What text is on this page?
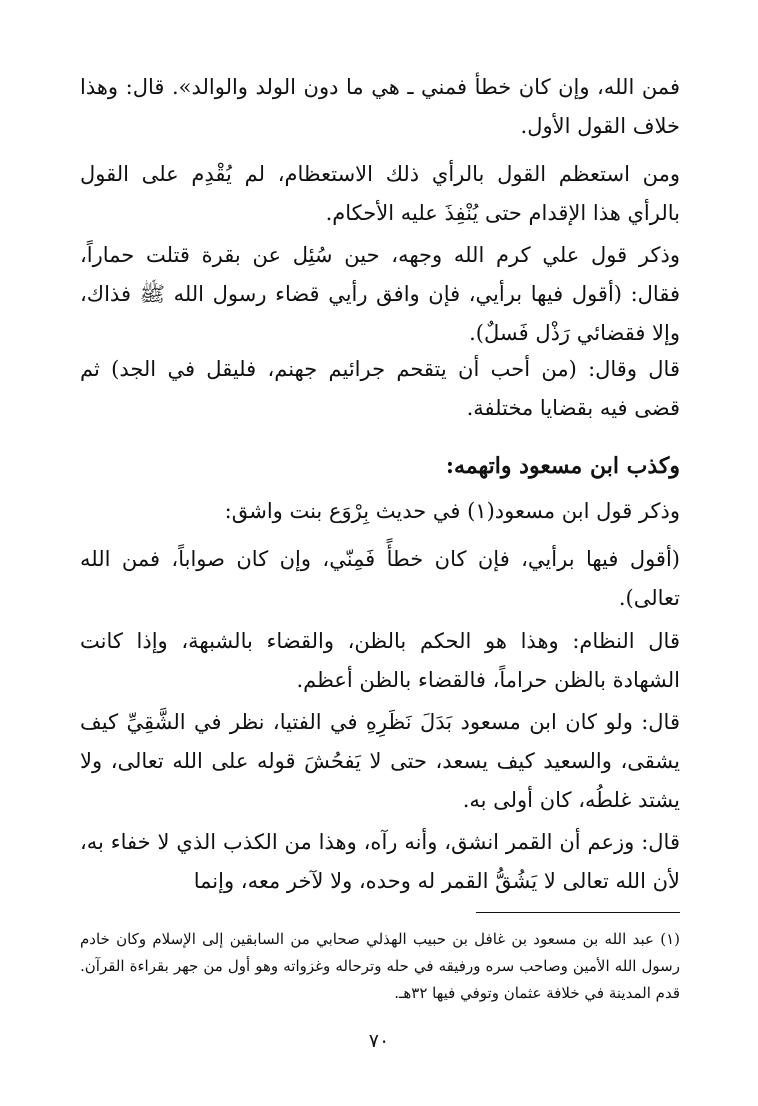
فمن الله، وإن كان خطأ فمني ـ هي ما دون الولد والوالد». قال: وهذا خلاف القول الأول.
ومن استعظم القول بالرأي ذلك الاستعظام، لم يُقْدِم على القول بالرأي هذا الإقدام حتى يُنْفِذَ عليه الأحكام.
وذكر قول علي كرم الله وجهه، حين سُئِل عن بقرة قتلت حماراً، فقال: (أقول فيها برأيي، فإن وافق رأيي قضاء رسول الله ﷺ فذاك، وإلا فقضائي رَذْل فَسلٌ).
قال وقال: (من أحب أن يتقحم جرائيم جهنم، فليقل في الجد) ثم قضى فيه بقضايا مختلفة.
وكذب ابن مسعود واتهمه:
وذكر قول ابن مسعود(١) في حديث بِرْوَع بنت واشق:
(أقول فيها برأيي، فإن كان خطأً فَمِنّي، وإن كان صواباً، فمن الله تعالى).
قال النظام: وهذا هو الحكم بالظن، والقضاء بالشبهة، وإذا كانت الشهادة بالظن حراماً، فالقضاء بالظن أعظم.
قال: ولو كان ابن مسعود بَدَلَ نَظَرِهِ في الفتيا، نظر في الشَّقِيِّ كيف يشقى، والسعيد كيف يسعد، حتى لا يَفحُشَ قوله على الله تعالى، ولا يشتد غلطُه، كان أولى به.
قال: وزعم أن القمر انشق، وأنه رآه، وهذا من الكذب الذي لا خفاء به، لأن الله تعالى لا يَشُقُّ القمر له وحده، ولا لآخر معه، وإنما
(١) عبد الله بن مسعود بن غافل بن حبيب الهذلي صحابي من السابقين إلى الإسلام وكان خادم رسول الله الأمين وصاحب سره ورفيقه في حله وترحاله وغزواته وهو أول من جهر بقراءة القرآن. قدم المدينة في خلافة عثمان وتوفي فيها ٣٢هـ.
٧٠
